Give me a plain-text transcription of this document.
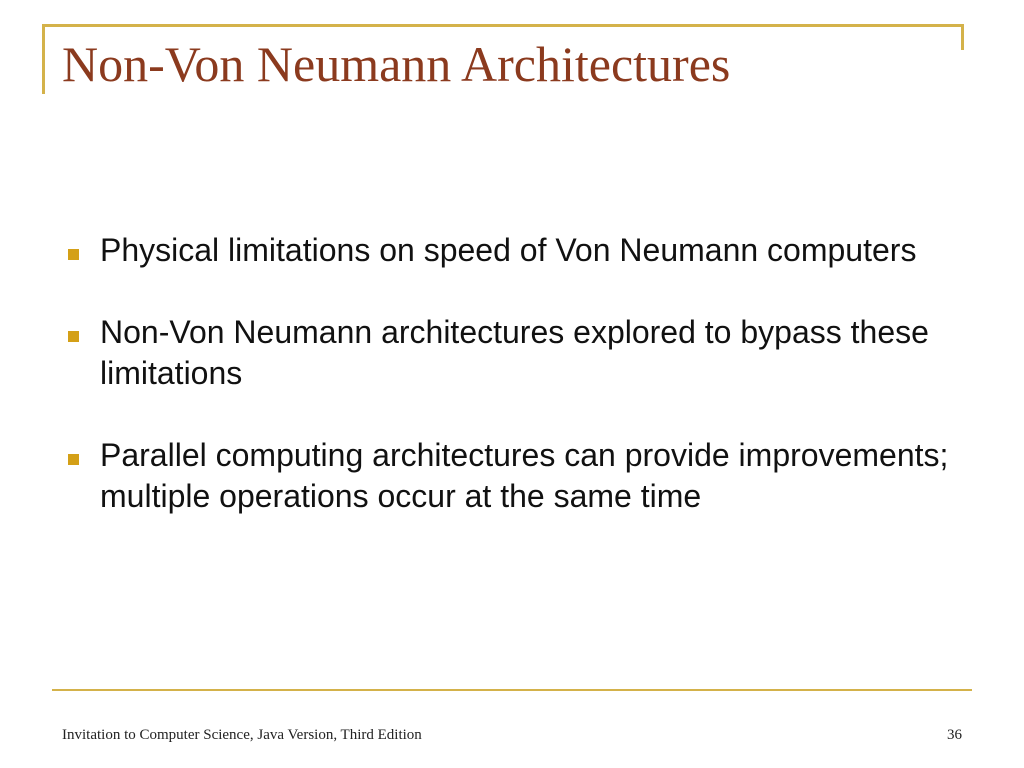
Non-Von Neumann Architectures
Physical limitations on speed of Von Neumann computers
Non-Von Neumann architectures explored to bypass these limitations
Parallel computing architectures can provide improvements; multiple operations occur at the same time
Invitation to Computer Science, Java Version, Third Edition	36
